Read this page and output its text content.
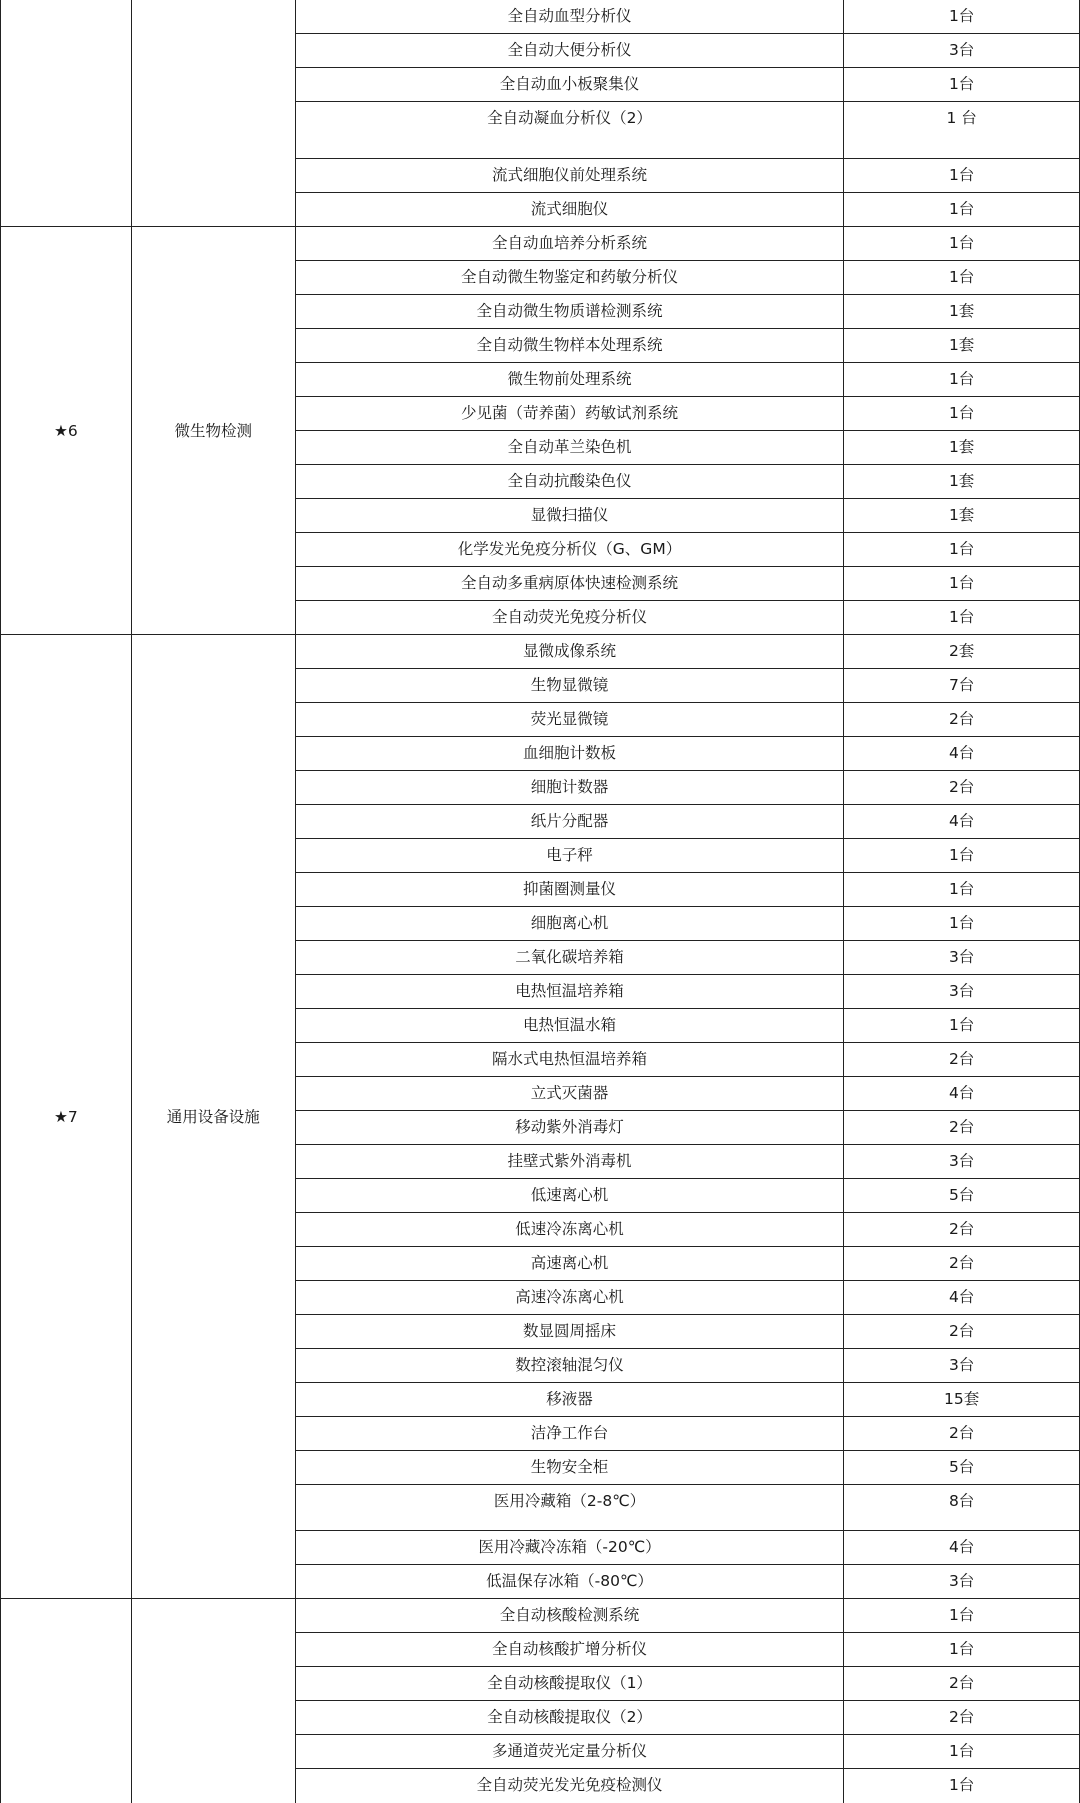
		全自动血型分析仪	1台
		全自动大便分析仪	3台
		全自动血小板聚集仪	1台
		全自动凝血分析仪（2）	1 台
		流式细胞仪前处理系统	1台
		流式细胞仪	1台
★6	微生物检测	全自动血培养分析系统	1台
		全自动微生物鉴定和药敏分析仪	1台
		全自动微生物质谱检测系统	1套
		全自动微生物样本处理系统	1套
		微生物前处理系统	1台
		少见菌（苛养菌）药敏试剂系统	1台
		全自动革兰染色机	1套
		全自动抗酸染色仪	1套
		显微扫描仪	1套
		化学发光免疫分析仪（G、GM）	1台
		全自动多重病原体快速检测系统	1台
		全自动荧光免疫分析仪	1台
★7	通用设备设施	显微成像系统	2套
		生物显微镜	7台
		荧光显微镜	2台
		血细胞计数板	4台
		细胞计数器	2台
		纸片分配器	4台
		电子秤	1台
		抑菌圈测量仪	1台
		细胞离心机	1台
		二氧化碳培养箱	3台
		电热恒温培养箱	3台
		电热恒温水箱	1台
		隔水式电热恒温培养箱	2台
		立式灭菌器	4台
		移动紫外消毒灯	2台
		挂壁式紫外消毒机	3台
		低速离心机	5台
		低速冷冻离心机	2台
		高速离心机	2台
		高速冷冻离心机	4台
		数显圆周摇床	2台
		数控滚轴混匀仪	3台
		移液器	15套
		洁净工作台	2台
		生物安全柜	5台
		医用冷藏箱（2-8℃）	8台
		医用冷藏冷冻箱（-20℃）	4台
		低温保存冰箱（-80℃）	3台
		全自动核酸检测系统	1台
		全自动核酸扩增分析仪	1台
		全自动核酸提取仪（1）	2台
		全自动核酸提取仪（2）	2台
		多通道荧光定量分析仪	1台
		全自动荧光发光免疫检测仪	1台
